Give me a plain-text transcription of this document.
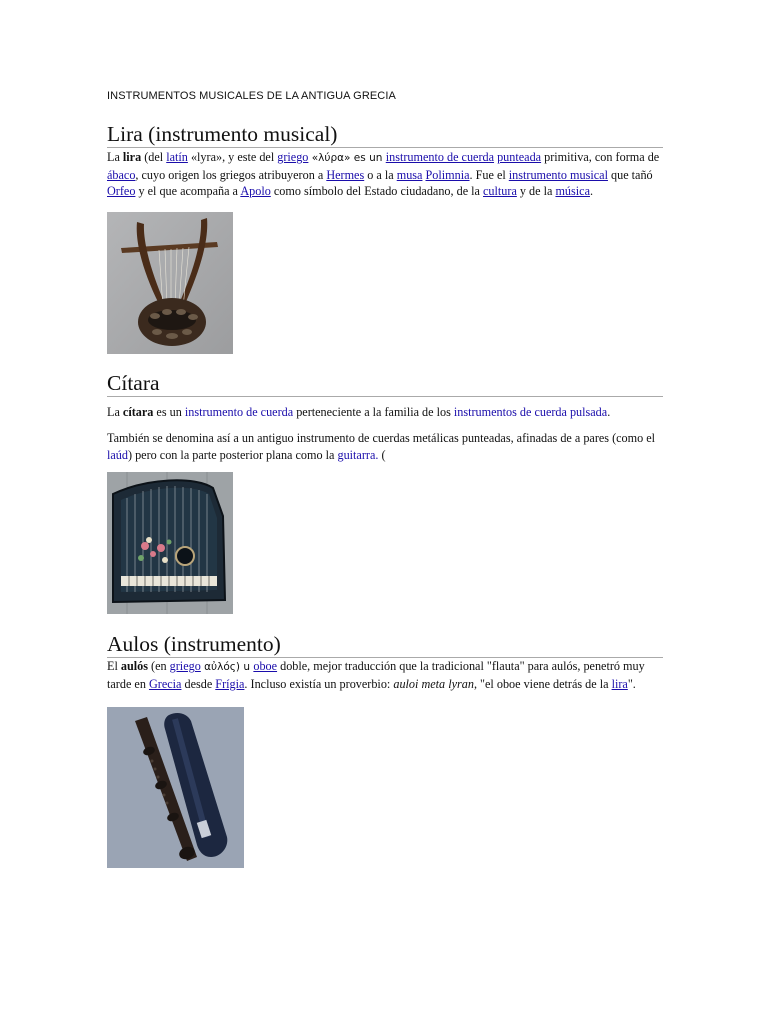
INSTRUMENTOS MUSICALES DE LA ANTIGUA GRECIA
Lira (instrumento musical)

La lira (del latín «lyra», y este del griego «λύρα» es un instrumento de cuerda punteada primitiva, con forma de ábaco, cuyo origen los griegos atribuyeron a Hermes o a la musa Polimnia. Fue el instrumento musical que tañó Orfeo y el que acompaña a Apolo como símbolo del Estado ciudadano, de la cultura y de la música.

Cítara

La cítara es un instrumento de cuerda perteneciente a la familia de los instrumentos de cuerda pulsada.

También se denomina así a un antiguo instrumento de cuerdas metálicas punteadas, afinadas de a pares (como el laúd) pero con la parte posterior plana como la guitarra. (

Aulos (instrumento)

El aulós (en griego αὐλός) u oboe doble, mejor traducción que la tradicional "flauta" para aulós, penetró muy tarde en Grecia desde Frígia. Incluso existía un proverbio: auloi meta lyran, "el oboe viene detrás de la lira".
